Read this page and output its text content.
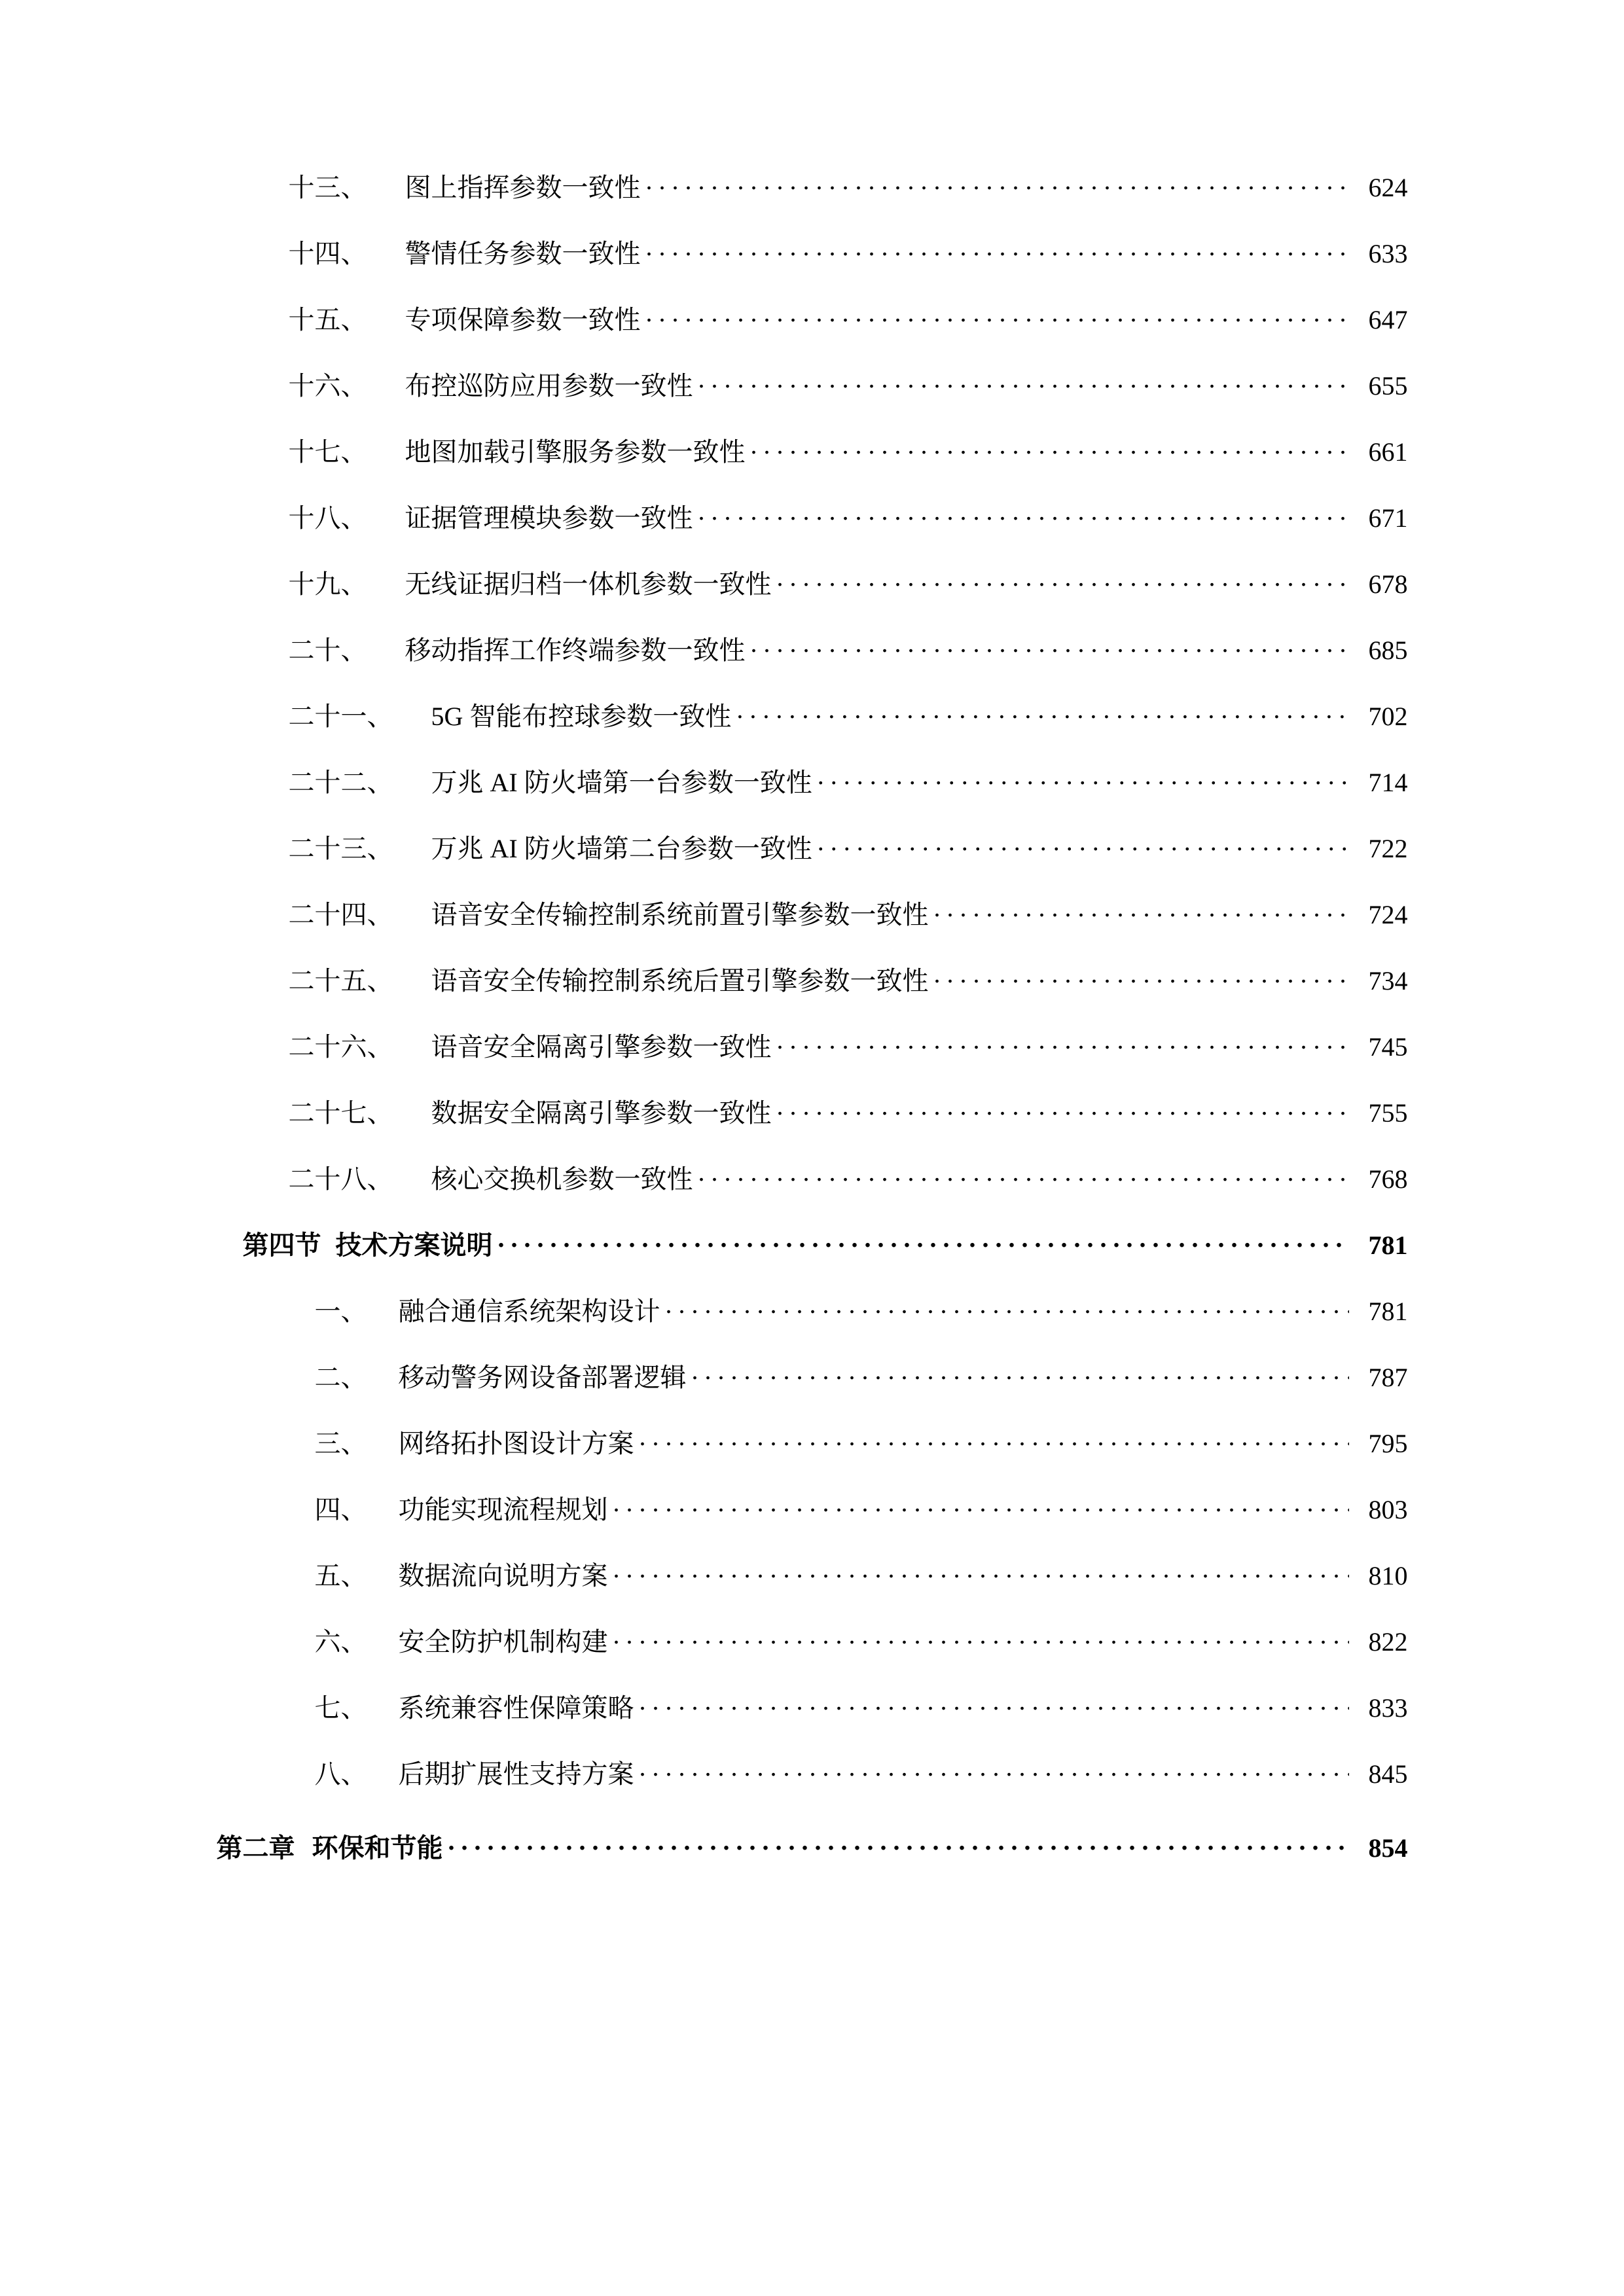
十三、	图上指挥参数一致性 . . .	624
十四、	警情任务参数一致性 . . .	633
十五、	专项保障参数一致性 . . .	647
十六、	布控巡防应用参数一致性 . . .	655
十七、	地图加载引擎服务参数一致性 . . .	661
十八、	证据管理模块参数一致性 . . .	671
十九、	无线证据归档一体机参数一致性 . . .	678
二十、	移动指挥工作终端参数一致性 . . .	685
二十一、	5G 智能布控球参数一致性 . . .	702
二十二、	万兆 AI 防火墙第一台参数一致性 . . .	714
二十三、	万兆 AI 防火墙第二台参数一致性 . . .	722
二十四、	语音安全传输控制系统前置引擎参数一致性 . . .	724
二十五、	语音安全传输控制系统后置引擎参数一致性 . . .	734
二十六、	语音安全隔离引擎参数一致性 . . .	745
二十七、	数据安全隔离引擎参数一致性 . . .	755
二十八、	核心交换机参数一致性 . . .	768
第四节 技术方案说明 . . .	781
一、	融合通信系统架构设计 . . .	781
二、	移动警务网设备部署逻辑 . . .	787
三、	网络拓扑图设计方案 . . .	795
四、	功能实现流程规划 . . .	803
五、	数据流向说明方案 . . .	810
六、	安全防护机制构建 . . .	822
七、	系统兼容性保障策略 . . .	833
八、	后期扩展性支持方案 . . .	845
第二章 环保和节能 . . .	854
